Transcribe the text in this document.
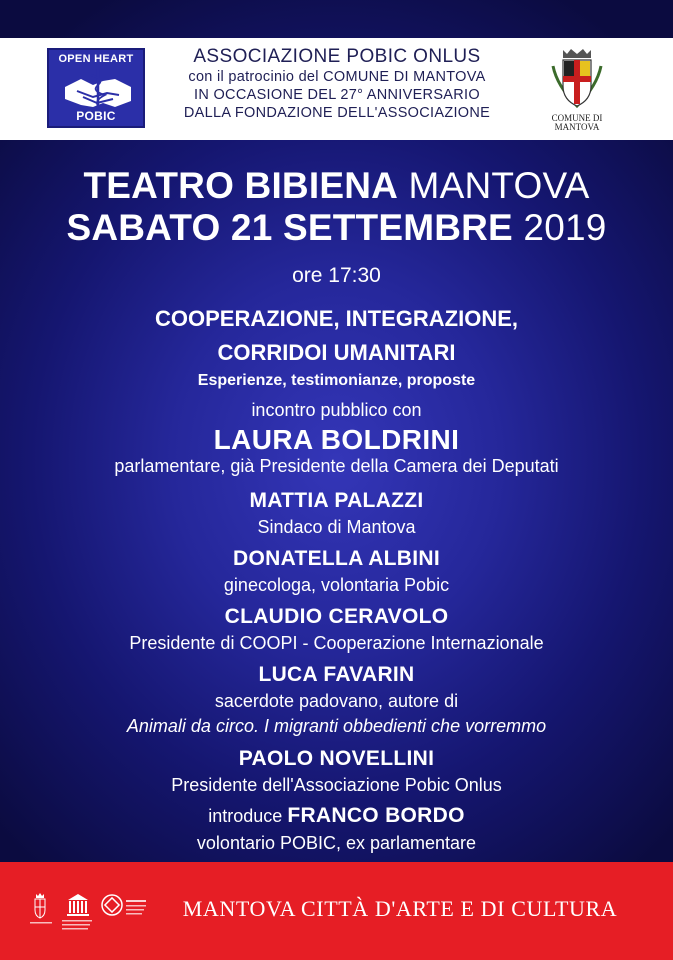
OPEN HEART
POBIC
ASSOCIAZIONE POBIC ONLUS
con il patrocinio del COMUNE DI MANTOVA
IN OCCASIONE DEL 27° ANNIVERSARIO
DALLA FONDAZIONE DELL'ASSOCIAZIONE	COMUNE DI
MANTOVA
TEATRO BIBIENA MANTOVA
SABATO 21 SETTEMBRE 2019
ore 17:30
COOPERAZIONE, INTEGRAZIONE,
CORRIDOI UMANITARI
Esperienze, testimonianze, proposte
incontro pubblico con
LAURA BOLDRINI
parlamentare, già Presidente della Camera dei Deputati
MATTIA PALAZZI
Sindaco di Mantova
DONATELLA ALBINI
ginecologa, volontaria Pobic
CLAUDIO CERAVOLO
Presidente di COOPI - Cooperazione Internazionale
LUCA FAVARIN
sacerdote padovano, autore di
Animali da circo. I migranti obbedienti che vorremmo
PAOLO NOVELLINI
Presidente dell'Associazione Pobic Onlus
introduce FRANCO BORDO
volontario POBIC, ex parlamentare
MANTOVA CITTÀ D'ARTE E DI CULTURA
